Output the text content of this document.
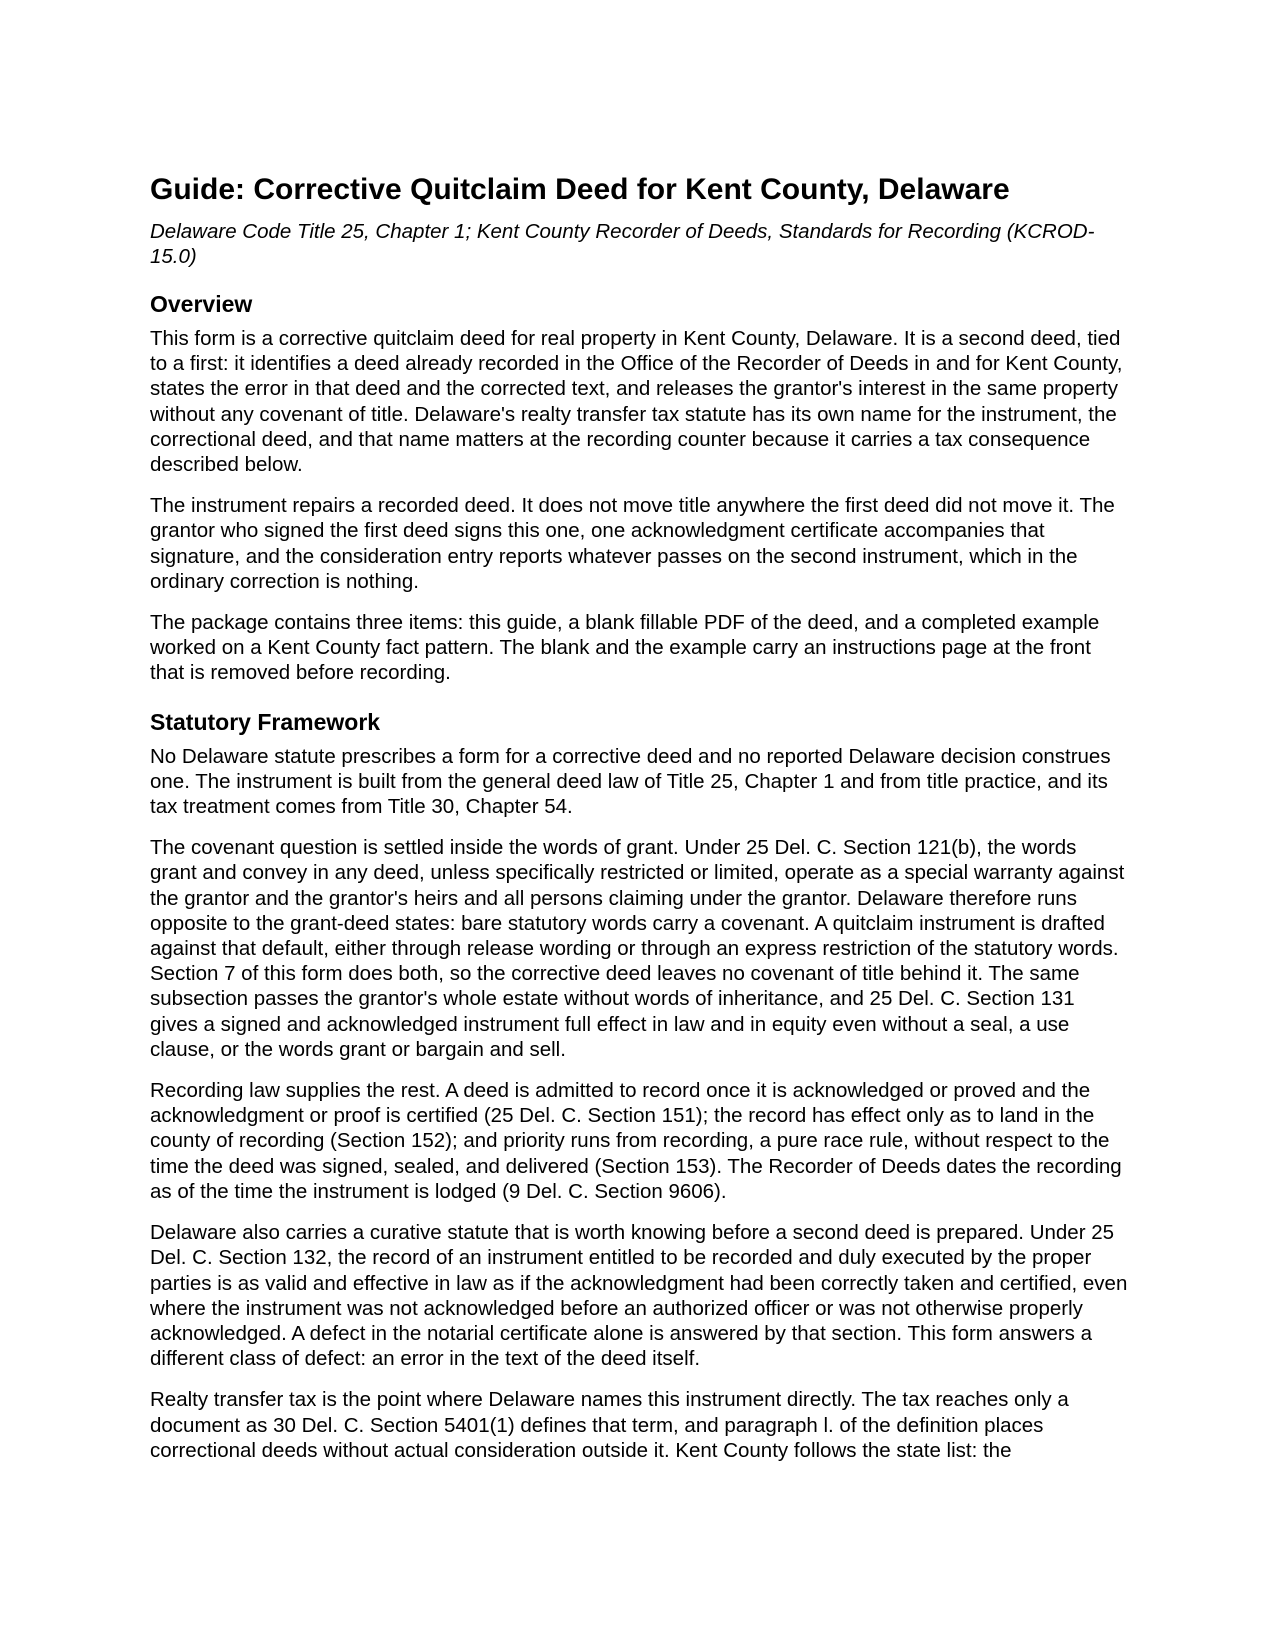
Guide: Corrective Quitclaim Deed for Kent County, Delaware
Delaware Code Title 25, Chapter 1; Kent County Recorder of Deeds, Standards for Recording (KCROD-15.0)
Overview

This form is a corrective quitclaim deed for real property in Kent County, Delaware. It is a second deed, tied to a first: it identifies a deed already recorded in the Office of the Recorder of Deeds in and for Kent County, states the error in that deed and the corrected text, and releases the grantor's interest in the same property without any covenant of title. Delaware's realty transfer tax statute has its own name for the instrument, the correctional deed, and that name matters at the recording counter because it carries a tax consequence described below.

The instrument repairs a recorded deed. It does not move title anywhere the first deed did not move it. The grantor who signed the first deed signs this one, one acknowledgment certificate accompanies that signature, and the consideration entry reports whatever passes on the second instrument, which in the ordinary correction is nothing.

The package contains three items: this guide, a blank fillable PDF of the deed, and a completed example worked on a Kent County fact pattern. The blank and the example carry an instructions page at the front that is removed before recording.

Statutory Framework

No Delaware statute prescribes a form for a corrective deed and no reported Delaware decision construes one. The instrument is built from the general deed law of Title 25, Chapter 1 and from title practice, and its tax treatment comes from Title 30, Chapter 54.

The covenant question is settled inside the words of grant. Under 25 Del. C. Section 121(b), the words grant and convey in any deed, unless specifically restricted or limited, operate as a special warranty against the grantor and the grantor's heirs and all persons claiming under the grantor. Delaware therefore runs opposite to the grant-deed states: bare statutory words carry a covenant. A quitclaim instrument is drafted against that default, either through release wording or through an express restriction of the statutory words. Section 7 of this form does both, so the corrective deed leaves no covenant of title behind it. The same subsection passes the grantor's whole estate without words of inheritance, and 25 Del. C. Section 131 gives a signed and acknowledged instrument full effect in law and in equity even without a seal, a use clause, or the words grant or bargain and sell.

Recording law supplies the rest. A deed is admitted to record once it is acknowledged or proved and the acknowledgment or proof is certified (25 Del. C. Section 151); the record has effect only as to land in the county of recording (Section 152); and priority runs from recording, a pure race rule, without respect to the time the deed was signed, sealed, and delivered (Section 153). The Recorder of Deeds dates the recording as of the time the instrument is lodged (9 Del. C. Section 9606).

Delaware also carries a curative statute that is worth knowing before a second deed is prepared. Under 25 Del. C. Section 132, the record of an instrument entitled to be recorded and duly executed by the proper parties is as valid and effective in law as if the acknowledgment had been correctly taken and certified, even where the instrument was not acknowledged before an authorized officer or was not otherwise properly acknowledged. A defect in the notarial certificate alone is answered by that section. This form answers a different class of defect: an error in the text of the deed itself.

Realty transfer tax is the point where Delaware names this instrument directly. The tax reaches only a document as 30 Del. C. Section 5401(1) defines that term, and paragraph l. of the definition places correctional deeds without actual consideration outside it. Kent County follows the state list: the
